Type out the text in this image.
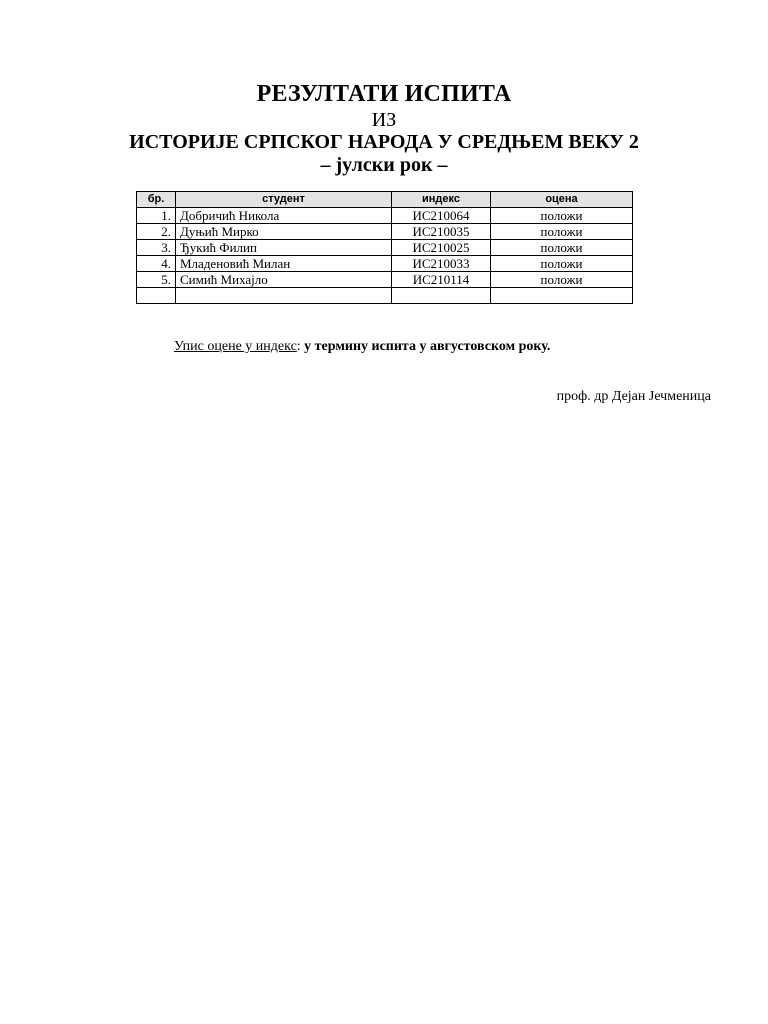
РЕЗУЛТАТИ ИСПИТА
ИЗ
ИСТОРИЈЕ СРПСКОГ НАРОДА У СРЕДЊЕМ ВЕКУ 2
– јулски рок –
бр.	студент	индекс	оцена
1.	Добричић Никола	ИС210064	положи
2.	Дуњић Мирко	ИС210035	положи
3.	Ђукић Филип	ИС210025	положи
4.	Младеновић Милан	ИС210033	положи
5.	Симић Михајло	ИС210114	положи

Упис оцене у индекс: у термину испита у августовском року.
проф. др Дејан Јечменица
